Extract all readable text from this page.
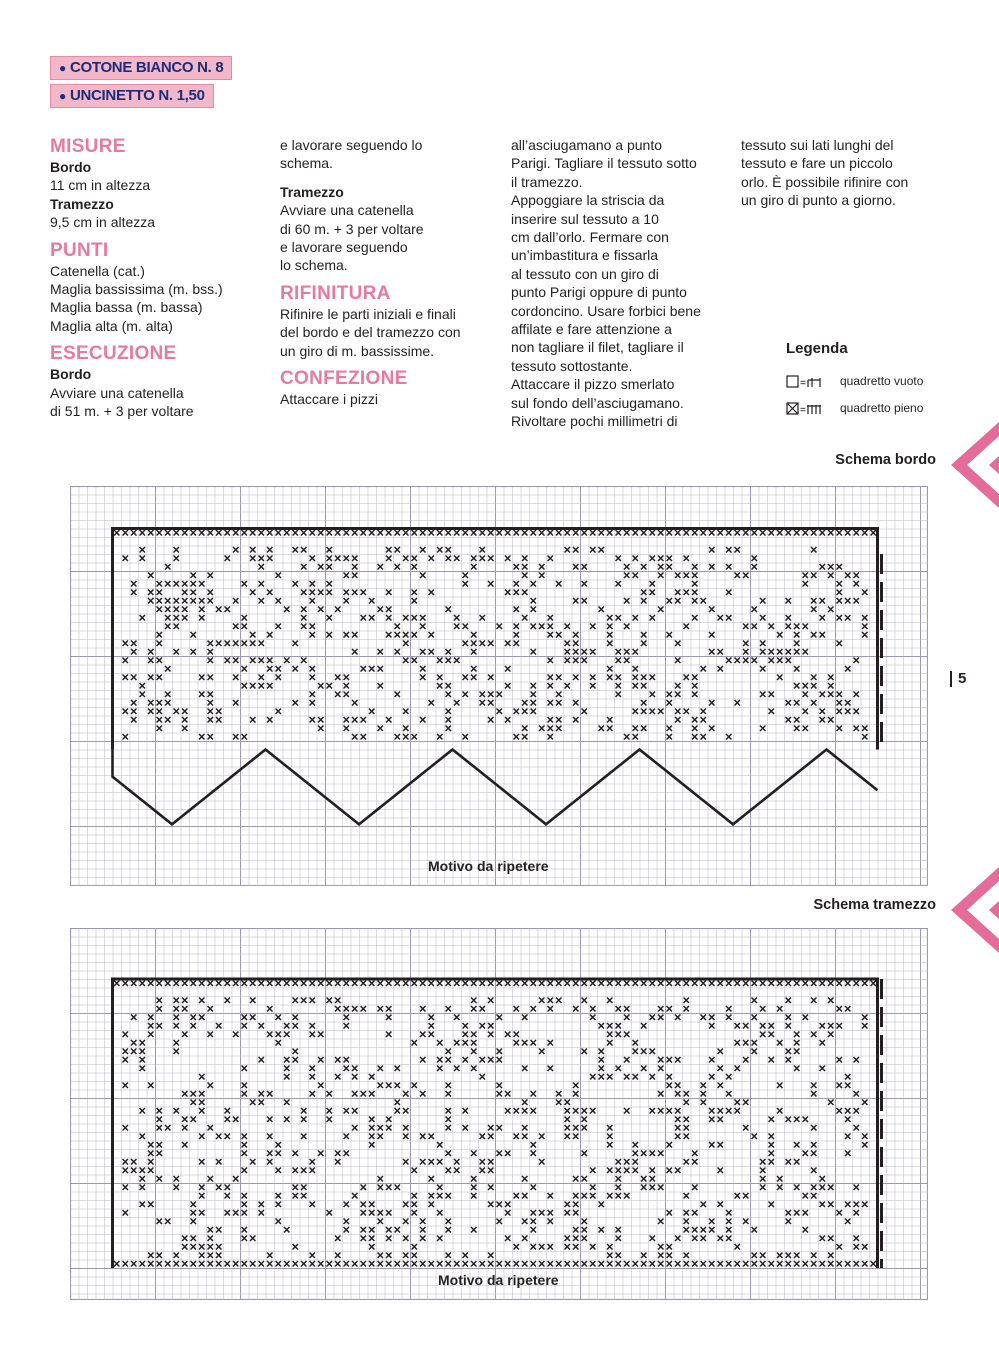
● COTONE BIANCO N. 8
● UNCINETTO N. 1,50

MISURE

Bordo

11 cm in altezza

Tramezzo

9,5 cm in altezza

PUNTI

Catenella (cat.)

Maglia bassissima (m. bss.)

Maglia bassa (m. bassa)

Maglia alta (m. alta)

ESECUZIONE

Bordo

Avviare una catenella

di 51 m. + 3 per voltare

e lavorare seguendo lo

schema.

Tramezzo

Avviare una catenella

di 60 m. + 3 per voltare

e lavorare seguendo

lo schema.

RIFINITURA

Rifinire le parti iniziali e finali

del bordo e del tramezzo con

un giro di m. bassissime.

CONFEZIONE

Attaccare i pizzi

all’asciugamano a punto

Parigi. Tagliare il tessuto sotto

il tramezzo.

Appoggiare la striscia da

inserire sul tessuto a 10

cm dall’orlo. Fermare con

un’imbastitura e fissarla

al tessuto con un giro di

punto Parigi oppure di punto

cordoncino. Usare forbici bene

affilate e fare attenzione a

non tagliare il filet, tagliare il

tessuto sottostante.

Attaccare il pizzo smerlato

sul fondo dell’asciugamano.

Rivoltare pochi millimetri di

tessuto sui lati lunghi del

tessuto e fare un piccolo

orlo. È possibile rifinire con

un giro di punto a giorno.

Legenda
=	quadretto vuoto
=	quadretto pieno
Schema bordo
5
Motivo da ripetere
Schema tramezzo
Motivo da ripetere
